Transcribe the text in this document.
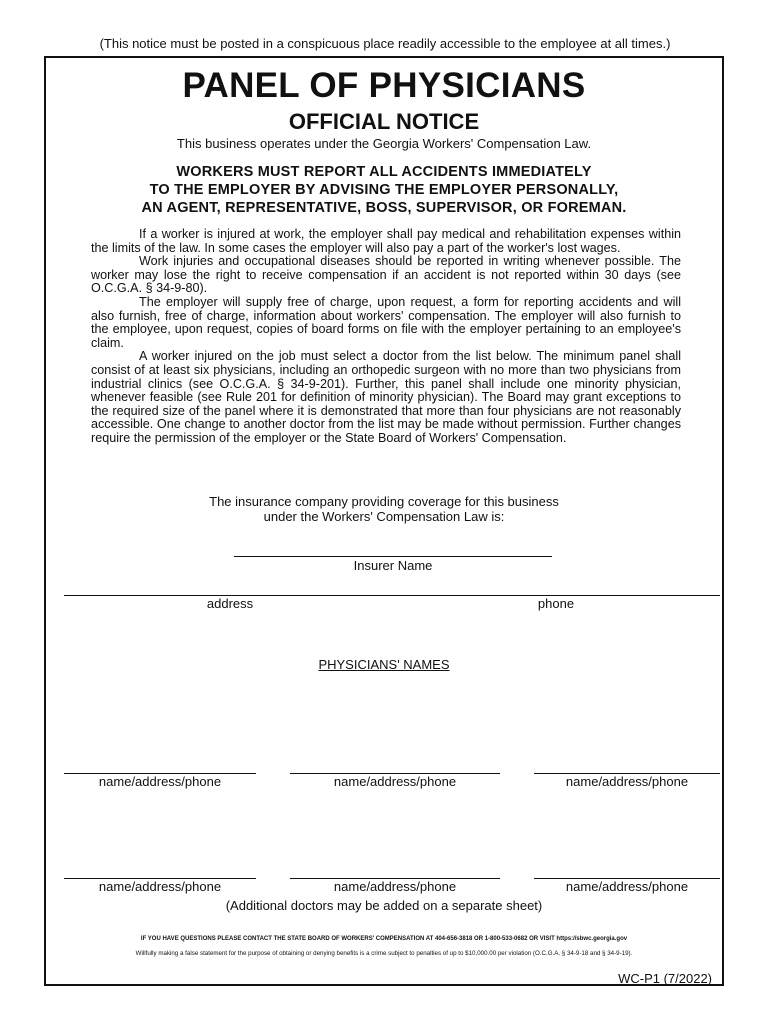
(This notice must be posted in a conspicuous place readily accessible to the employee at all times.)
PANEL OF PHYSICIANS
OFFICIAL NOTICE
This business operates under the Georgia Workers' Compensation Law.
WORKERS MUST REPORT ALL ACCIDENTS IMMEDIATELY
TO THE EMPLOYER BY ADVISING THE EMPLOYER PERSONALLY,
AN AGENT, REPRESENTATIVE, BOSS, SUPERVISOR, OR FOREMAN.

If a worker is injured at work, the employer shall pay medical and rehabilitation expenses within the limits of the law. In some cases the employer will also pay a part of the worker's lost wages.

Work injuries and occupational diseases should be reported in writing whenever possible. The worker may lose the right to receive compensation if an accident is not reported within 30 days (see O.C.G.A. § 34-9-80).

The employer will supply free of charge, upon request, a form for reporting accidents and will also furnish, free of charge, information about workers' compensation. The employer will also furnish to the employee, upon request, copies of board forms on file with the employer pertaining to an employee's claim.

A worker injured on the job must select a doctor from the list below. The minimum panel shall consist of at least six physicians, including an orthopedic surgeon with no more than two physicians from industrial clinics (see O.C.G.A. § 34-9-201). Further, this panel shall include one minority physician, whenever feasible (see Rule 201 for definition of minority physician). The Board may grant exceptions to the required size of the panel where it is demonstrated that more than four physicians are not reasonably accessible. One change to another doctor from the list may be made without permission. Further changes require the permission of the employer or the State Board of Workers' Compensation.

The insurance company providing coverage for this business
under the Workers' Compensation Law is:
Insurer Name
address	phone
PHYSICIANS' NAMES
name/address/phone	name/address/phone	name/address/phone
name/address/phone	name/address/phone	name/address/phone
(Additional doctors may be added on a separate sheet)
IF YOU HAVE QUESTIONS PLEASE CONTACT THE STATE BOARD OF WORKERS' COMPENSATION AT 404-656-3818 OR 1-800-533-0682 OR VISIT https://sbwc.georgia.gov
Willfully making a false statement for the purpose of obtaining or denying benefits is a crime subject to penalties of up to $10,000.00 per violation (O.C.G.A. § 34-9-18 and § 34-9-19).
WC-P1 (7/2022)
